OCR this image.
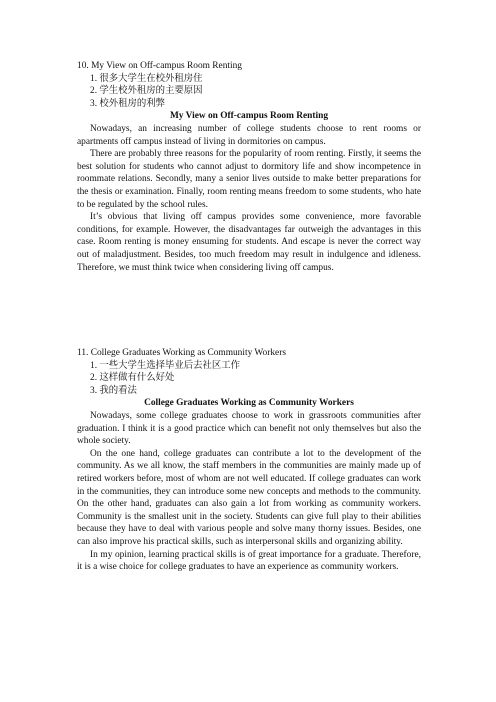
10. My View on Off-campus Room Renting

1. 很多大学生在校外租房住
2. 学生校外租房的主要原因
3. 校外租房的利弊

My View on Off-campus Room Renting

Nowadays, an increasing number of college students choose to rent rooms or apartments off campus instead of living in dormitories on campus.

There are probably three reasons for the popularity of room renting. Firstly, it seems the best solution for students who cannot adjust to dormitory life and show incompetence in roommate relations. Secondly, many a senior lives outside to make better preparations for the thesis or examination. Finally, room renting means freedom to some students, who hate to be regulated by the school rules.

It’s obvious that living off campus provides some convenience, more favorable conditions, for example. However, the disadvantages far outweigh the advantages in this case. Room renting is money ensuming for students. And escape is never the correct way out of maladjustment. Besides, too much freedom may result in indulgence and idleness. Therefore, we must think twice when considering living off campus.

11. College Graduates Working as Community Workers

1. 一些大学生选择毕业后去社区工作
2. 这样做有什么好处
3. 我的看法

College Graduates Working as Community Workers

Nowadays, some college graduates choose to work in grassroots communities after graduation. I think it is a good practice which can benefit not only themselves but also the whole society.

On the one hand, college graduates can contribute a lot to the development of the community. As we all know, the staff members in the communities are mainly made up of retired workers before, most of whom are not well educated. If college graduates can work in the communities, they can introduce some new concepts and methods to the community. On the other hand, graduates can also gain a lot from working as community workers. Community is the smallest unit in the society. Students can give full play to their abilities because they have to deal with various people and solve many thorny issues. Besides, one can also improve his practical skills, such as interpersonal skills and organizing ability.

In my opinion, learning practical skills is of great importance for a graduate. Therefore, it is a wise choice for college graduates to have an experience as community workers.
